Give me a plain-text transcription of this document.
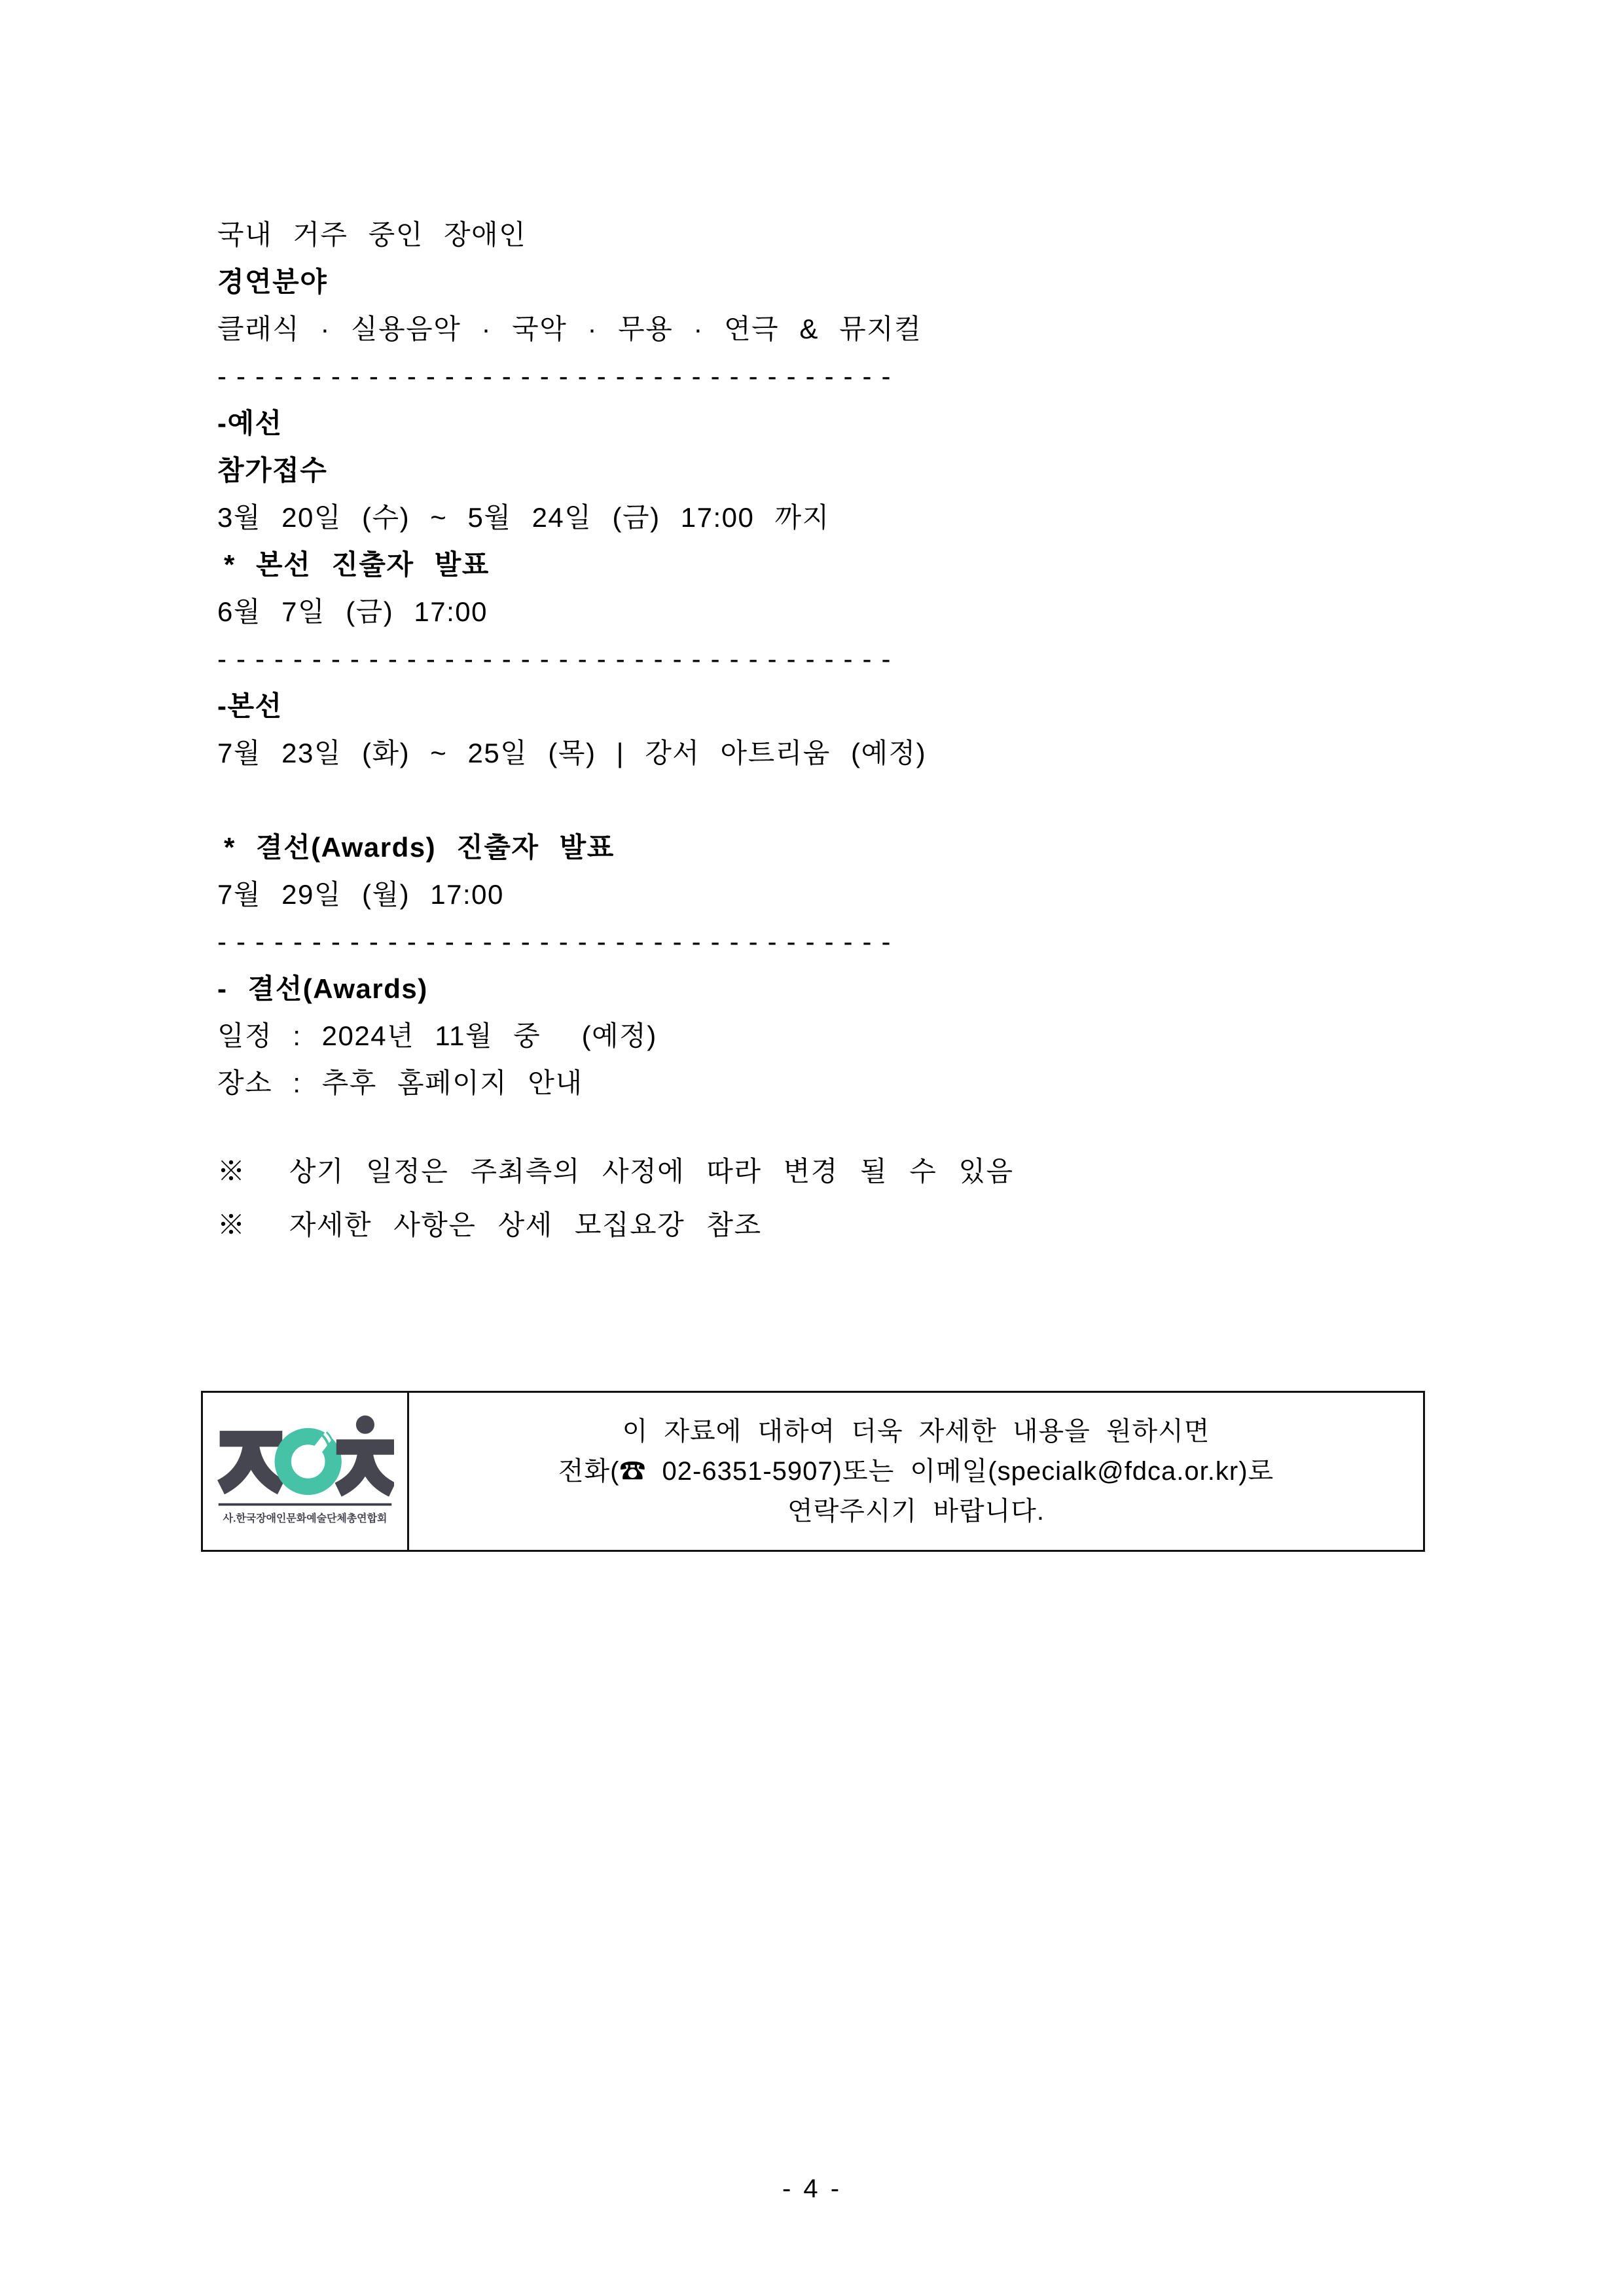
국내 거주 중인 장애인
경연분야
클래식 · 실용음악 · 국악 · 무용 · 연극 & 뮤지컬
------------------------------------
-예선
참가접수
3월 20일 (수) ~ 5월 24일 (금) 17:00 까지
* 본선 진출자 발표
6월 7일 (금) 17:00
------------------------------------
-본선
7월 23일 (화) ~ 25일 (목) | 강서 아트리움 (예정)
* 결선(Awards) 진출자 발표
7월 29일 (월) 17:00
------------------------------------
- 결선(Awards)
일정 : 2024년 11월 중  (예정)
장소 : 추후 홈페이지 안내
※  상기 일정은 주최측의 사정에 따라 변경 될 수 있음
※  자세한 사항은 상세 모집요강 참조
사.한국장애인문화예술단체총연합회
이 자료에 대하여 더욱 자세한 내용을 원하시면
전화(☎ 02-6351-5907)또는 이메일(specialk@fdca.or.kr)로
연락주시기 바랍니다.
- 4 -
